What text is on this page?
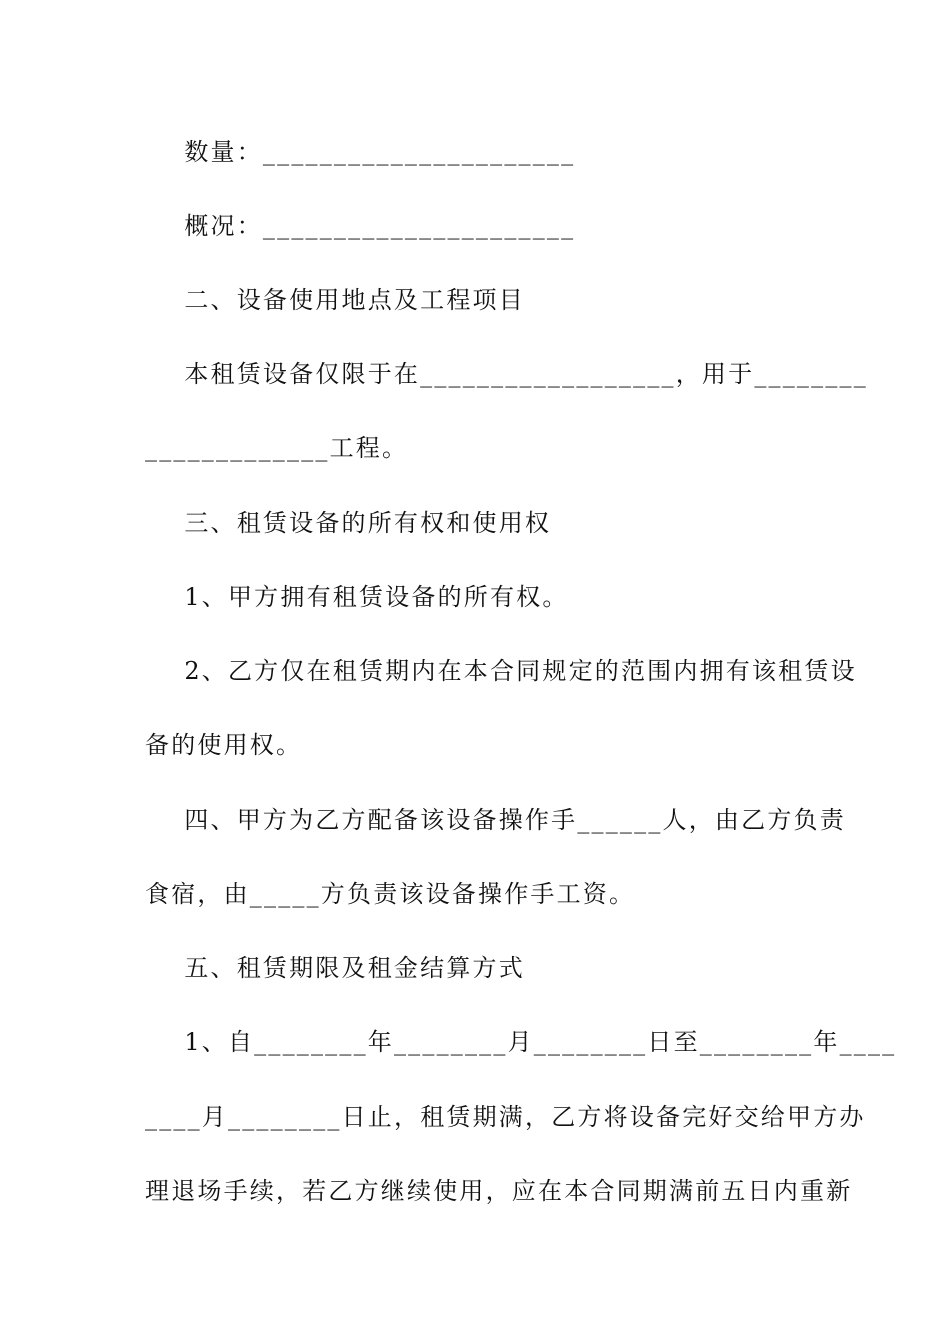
数量：______________________
概况：______________________
二、设备使用地点及工程项目
本租赁设备仅限于在__________________，用于________
_____________工程。
三、租赁设备的所有权和使用权
1、甲方拥有租赁设备的所有权。
2、乙方仅在租赁期内在本合同规定的范围内拥有该租赁设
备的使用权。
四、甲方为乙方配备该设备操作手______人，由乙方负责
食宿，由_____方负责该设备操作手工资。
五、租赁期限及租金结算方式
1、自________年________月________日至________年____
____月________日止，租赁期满，乙方将设备完好交给甲方办
理退场手续，若乙方继续使用，应在本合同期满前五日内重新
